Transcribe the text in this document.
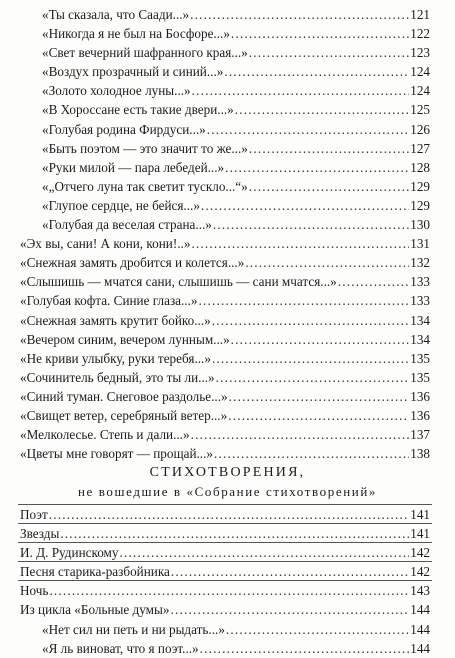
«Ты сказала, что Саади...» .....	121
«Никогда я не был на Босфоре...» .....	122
«Свет вечерний шафранного края...» .....	123
«Воздух прозрачный и синий...» .....	124
«Золото холодное луны...» .....	124
«В Хороссане есть такие двери...» .....	125
«Голубая родина Фирдуси...» .....	126
«Быть поэтом — это значит то же...» .....	127
«Руки милой — пара лебедей...» .....	128
«„Отчего луна так светит тускло...“» .....	129
«Глупое сердце, не бейся...» .....	129
«Голубая да веселая страна...» .....	130
«Эх вы, сани! А кони, кони!..» .....	131
«Снежная замять дробится и колется...» .....	132
«Слышишь — мчатся сани, слышишь — сани мчатся...» .....	133
«Голубая кофта. Синие глаза...» .....	133
«Снежная замять крутит бойко...» .....	134
«Вечером синим, вечером лунным...» .....	134
«Не криви улыбку, руки теребя...» .....	135
«Сочинитель бедный, это ты ли...» .....	135
«Синий туман. Снеговое раздолье...» .....	136
«Свищет ветер, серебряный ветер...» .....	136
«Мелколесье. Степь и дали...» .....	137
«Цветы мне говорят — прощай...» .....	138
СТИХОТВОРЕНИЯ,
не вошедшие в «Собрание стихотворений»
Поэт .....	141
Звезды .....	141
И. Д. Рудинскому .....	142
Песня старика-разбойника .....	142
Ночь .....	143
Из цикла «Больные думы» .....	144
«Нет сил ни петь и ни рыдать...» .....	144
«Я ль виноват, что я поэт...» .....	144
